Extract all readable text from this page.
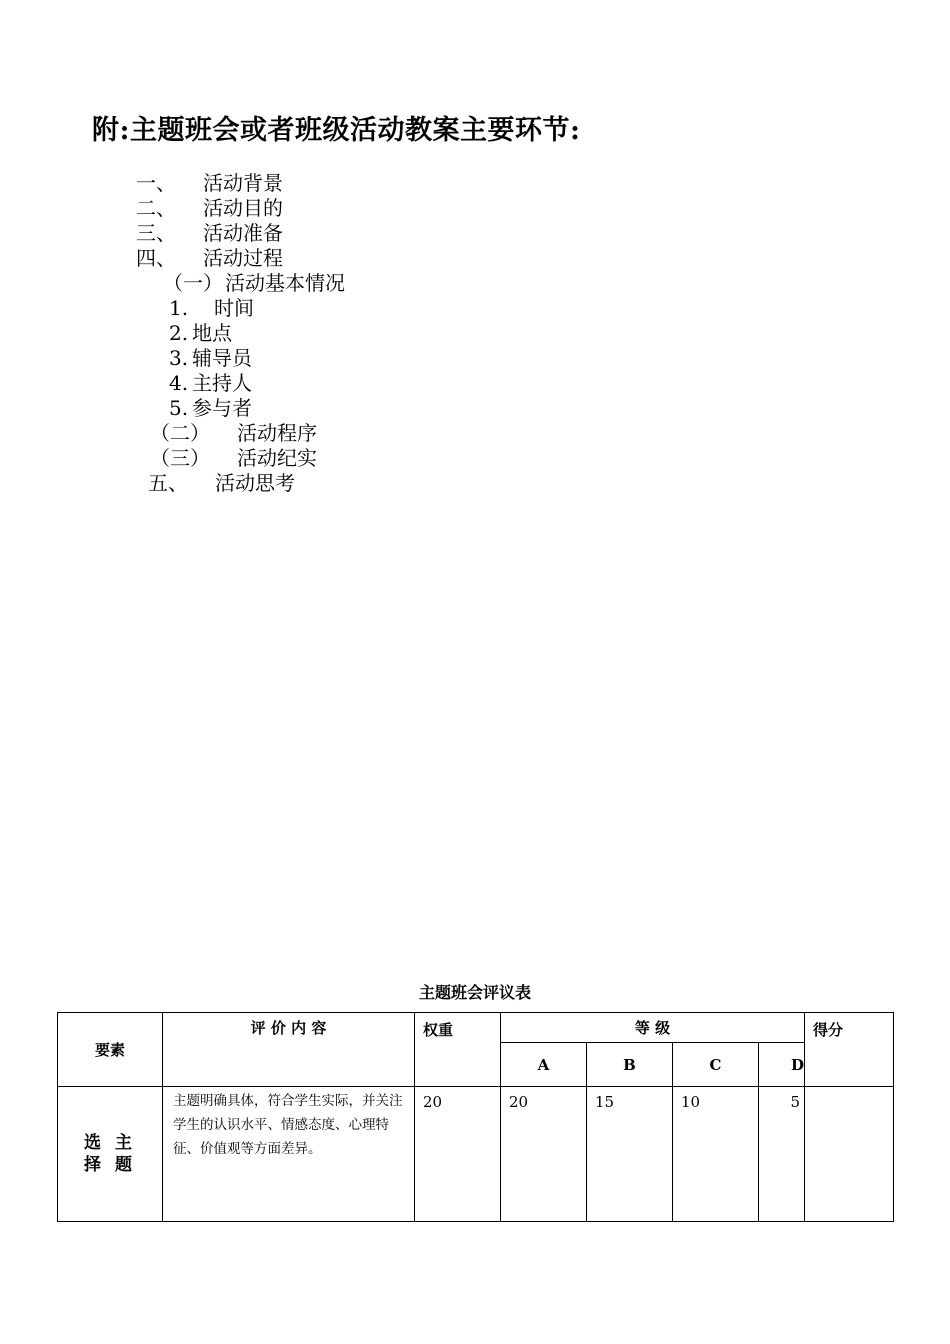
附:主题班会或者班级活动教案主要环节:
一、 活动背景
二、 活动目的
三、 活动准备
四、 活动过程
（一） 活动基本情况
1. 时间
2. 地点
3. 辅导员
4. 主持人
5. 参与者
（二） 活动程序
（三） 活动纪实
五、 活动思考
主题班会评议表
要素	评 价 内 容	权重	等 级				得分
			A	B	C	D	

选 主
择 题	主题明确具体，符合学生实际，并关注学生的认识水平、情感态度、心理特征、价值观等方面差异。	20	20	15	10	5	
